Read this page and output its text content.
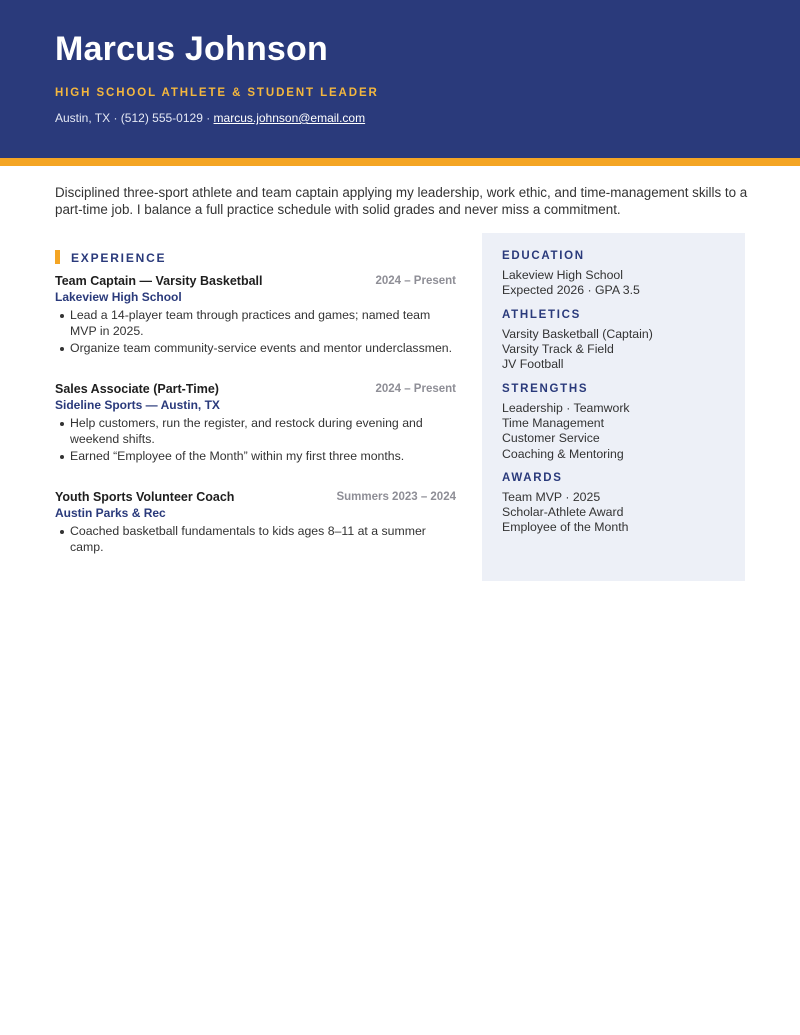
Marcus Johnson
HIGH SCHOOL ATHLETE & STUDENT LEADER
Austin, TX · (512) 555-0129 · marcus.johnson@email.com
Disciplined three-sport athlete and team captain applying my leadership, work ethic, and time-management skills to a part-time job. I balance a full practice schedule with solid grades and never miss a commitment.
EXPERIENCE
Team Captain — Varsity Basketball	2024 – Present
Lakeview High School
Lead a 14-player team through practices and games; named team MVP in 2025.
Organize team community-service events and mentor underclassmen.
Sales Associate (Part-Time)	2024 – Present
Sideline Sports — Austin, TX
Help customers, run the register, and restock during evening and weekend shifts.
Earned “Employee of the Month” within my first three months.
Youth Sports Volunteer Coach	Summers 2023 – 2024
Austin Parks & Rec
Coached basketball fundamentals to kids ages 8–11 at a summer camp.
EDUCATION
Lakeview High School
Expected 2026 · GPA 3.5
ATHLETICS
Varsity Basketball (Captain)
Varsity Track & Field
JV Football
STRENGTHS
Leadership · Teamwork
Time Management
Customer Service
Coaching & Mentoring
AWARDS
Team MVP · 2025
Scholar-Athlete Award
Employee of the Month
